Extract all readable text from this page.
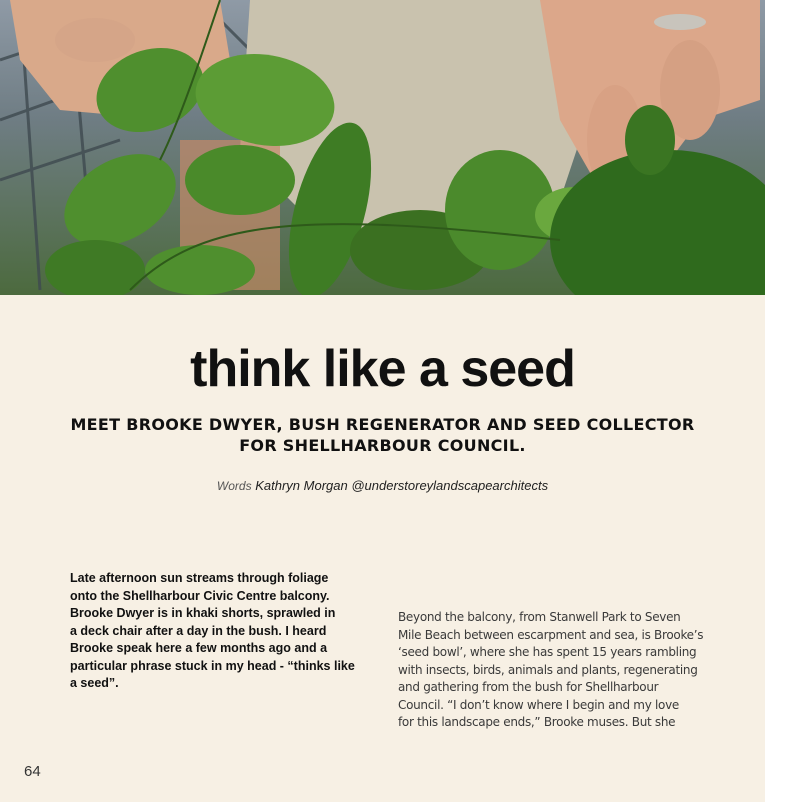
think like a seed
MEET BROOKE DWYER, BUSH REGENERATOR AND SEED COLLECTOR
FOR SHELLHARBOUR COUNCIL.
Words Kathryn Morgan @understoreylandscapearchitects
Late afternoon sun streams through foliage
onto the Shellharbour Civic Centre balcony.
Brooke Dwyer is in khaki shorts, sprawled in
a deck chair after a day in the bush. I heard
Brooke speak here a few months ago and a
particular phrase stuck in my head - “thinks like
a seed”.
Beyond the balcony, from Stanwell Park to Seven
Mile Beach between escarpment and sea, is Brooke’s
‘seed bowl’, where she has spent 15 years rambling
with insects, birds, animals and plants, regenerating
and gathering from the bush for Shellharbour
Council. “I don’t know where I begin and my love
for this landscape ends,” Brooke muses. But she
64
